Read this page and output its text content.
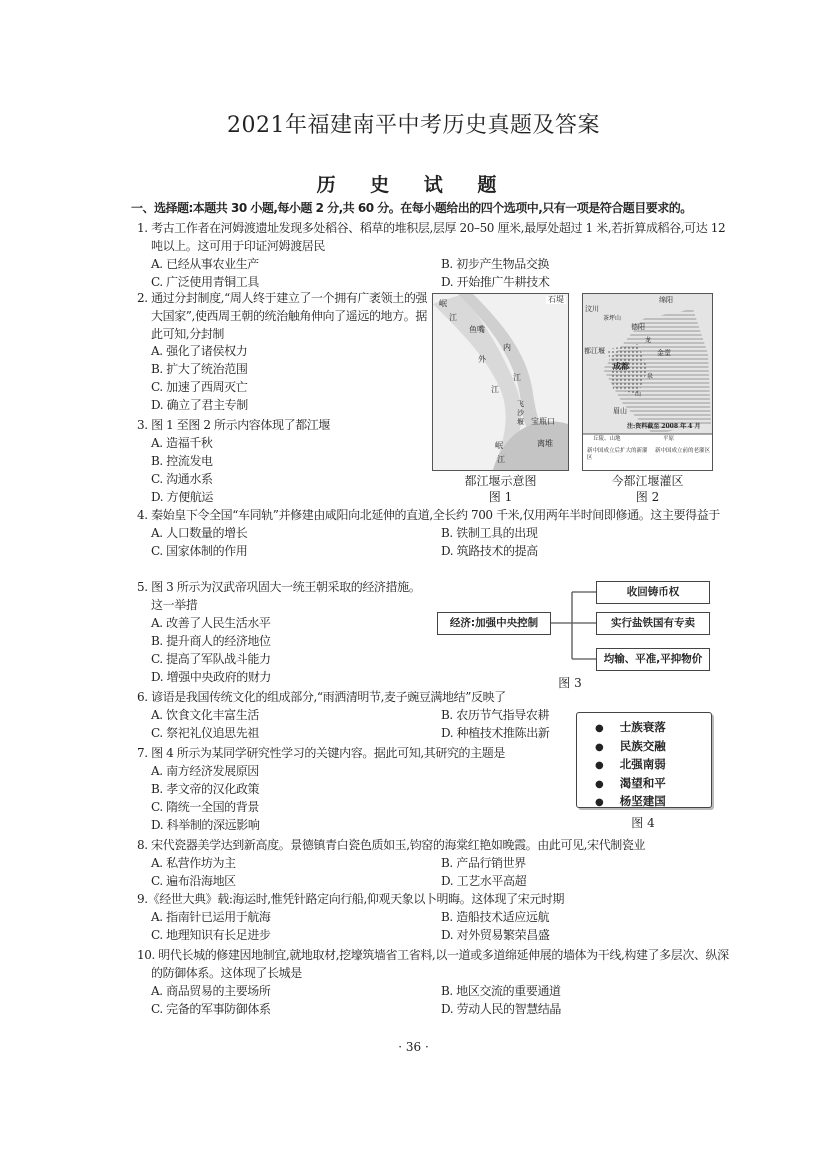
2021年福建南平中考历史真题及答案
历 史 试 题
一、选择题:本题共 30 小题,每小题 2 分,共 60 分。在每小题给出的四个选项中,只有一项是符合题目要求的。
1. 考古工作者在河姆渡遗址发现多处稻谷、稻草的堆积层,层厚 20–50 厘米,最厚处超过 1 米,若折算成稻谷,可达 12 吨以上。这可用于印证河姆渡居民
A. 已经从事农业生产	B. 初步产生物品交换
C. 广泛使用青铜工具	D. 开始推广牛耕技术
2. 通过分封制度,“周人终于建立了一个拥有广袤领土的强大国家”,使西周王朝的统治触角伸向了遥远的地方。据此可知,分封制
A. 强化了诸侯权力
B. 扩大了统治范围
C. 加速了西周灭亡
D. 确立了君主专制
3. 图 1 至图 2 所示内容体现了都江堰
A. 造福千秋
B. 控流发电
C. 沟通水系
D. 方便航运
4. 秦始皇下令全国“车同轨”并修建由咸阳向北延伸的直道,全长约 700 千米,仅用两年半时间即修通。这主要得益于
A. 人口数量的增长	B. 铁制工具的出现
C. 国家体制的作用	D. 筑路技术的提高
5. 图 3 所示为汉武帝巩固大一统王朝采取的经济措施。这一举措
A. 改善了人民生活水平
B. 提升商人的经济地位
C. 提高了军队战斗能力
D. 增强中央政府的财力
6. 谚语是我国传统文化的组成部分,“雨洒清明节,麦子豌豆满地结”反映了
A. 饮食文化丰富生活	B. 农历节气指导农耕
C. 祭祀礼仪追思先祖	D. 种植技术推陈出新
7. 图 4 所示为某同学研究性学习的关键内容。据此可知,其研究的主题是
A. 南方经济发展原因
B. 孝文帝的汉化政策
C. 隋统一全国的背景
D. 科举制的深远影响
8. 宋代瓷器美学达到新高度。景德镇青白瓷色质如玉,钧窑的海棠红艳如晚霞。由此可见,宋代制瓷业
A. 私营作坊为主	B. 产品行销世界
C. 遍布沿海地区	D. 工艺水平高超
9.《经世大典》载:海运时,惟凭针路定向行船,仰观天象以卜明晦。这体现了宋元时期
A. 指南针已运用于航海	B. 造船技术适应远航
C. 地理知识有长足进步	D. 对外贸易繁荣昌盛
10. 明代长城的修建因地制宜,就地取材,挖壕筑墙省工省料,以一道或多道绵延伸展的墙体为干线,构建了多层次、纵深的防御体系。这体现了长城是
A. 商品贸易的主要场所	B. 地区交流的重要通道
C. 完备的军事防御体系	D. 劳动人民的智慧结晶
石堤
岷
江
鱼嘴
内
江
外
江
飞沙堰 宝瓶口
离堆
岷
江
都江堰示意图
图 1
绵阳
汶川
茶坪山
德阳
都江堰	金堂
成都
眉山
龙
泉
山
注:资料截至 2008 年 4 月
丘陵、山地	平原
新中国成立后扩大的新灌区
新中国成立前的老灌区
今都江堰灌区
图 2
经济:加强中央控制
收回铸币权
实行盐铁国有专卖
均输、平准,平抑物价
图 3
● 士族衰落
● 民族交融
● 北强南弱
● 渴望和平
● 杨坚建国
图 4
· 36 ·
